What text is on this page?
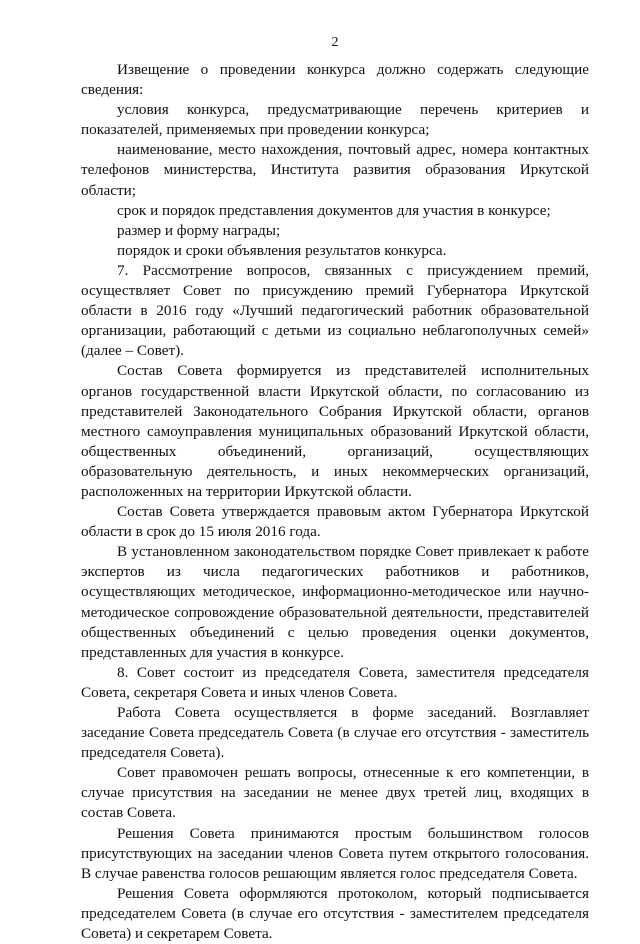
2

Извещение о проведении конкурса должно содержать следующие сведения:

условия конкурса, предусматривающие перечень критериев и показателей, применяемых при проведении конкурса;

наименование, место нахождения, почтовый адрес, номера контактных телефонов министерства, Института развития образования Иркутской области;

срок и порядок представления документов для участия в конкурсе;

размер и форму награды;

порядок и сроки объявления результатов конкурса.

7. Рассмотрение вопросов, связанных с присуждением премий, осуществляет Совет по присуждению премий Губернатора Иркутской области в 2016 году «Лучший педагогический работник образовательной организации, работающий с детьми из социально неблагополучных семей» (далее – Совет).

Состав Совета формируется из представителей исполнительных органов государственной власти Иркутской области, по согласованию из представителей Законодательного Собрания Иркутской области, органов местного самоуправления муниципальных образований Иркутской области, общественных объединений, организаций, осуществляющих образовательную деятельность, и иных некоммерческих организаций, расположенных на территории Иркутской области.

Состав Совета утверждается правовым актом Губернатора Иркутской области в срок до 15 июля 2016 года.

В установленном законодательством порядке Совет привлекает к работе экспертов из числа педагогических работников и работников, осуществляющих методическое, информационно-методическое или научно-методическое сопровождение образовательной деятельности, представителей общественных объединений с целью проведения оценки документов, представленных для участия в конкурсе.

8. Совет состоит из председателя Совета, заместителя председателя Совета, секретаря Совета и иных членов Совета.

Работа Совета осуществляется в форме заседаний. Возглавляет заседание Совета председатель Совета (в случае его отсутствия - заместитель председателя Совета).

Совет правомочен решать вопросы, отнесенные к его компетенции, в случае присутствия на заседании не менее двух третей лиц, входящих в состав Совета.

Решения Совета принимаются простым большинством голосов присутствующих на заседании членов Совета путем открытого голосования. В случае равенства голосов решающим является голос председателя Совета.

Решения Совета оформляются протоколом, который подписывается председателем Совета (в случае его отсутствия - заместителем председателя Совета) и секретарем Совета.
